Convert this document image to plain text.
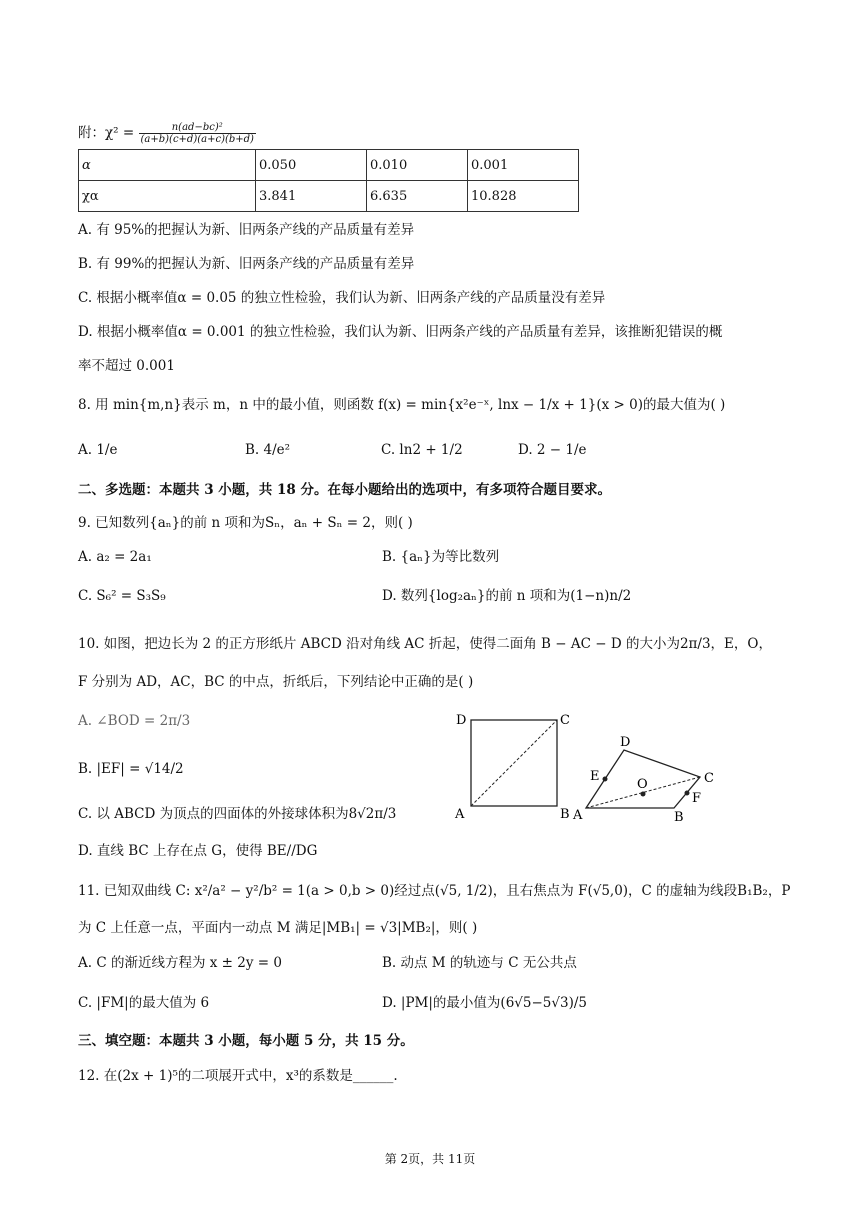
附：$\chi^2 = \frac{\text{n(ad−bc)²}}{(a+b)(c+d)(a+c)(b+d)}$
α	0.050	0.010	0.001
χα	3.841	6.635	10.828
A. 有 95%的把握认为新、旧两条产线的产品质量有差异
B. 有 99%的把握认为新、旧两条产线的产品质量有差异
C. 根据小概率值α = 0.05 的独立性检验，我们认为新、旧两条产线的产品质量没有差异
D. 根据小概率值α = 0.001 的独立性检验，我们认为新、旧两条产线的产品质量有差异，该推断犯错误的概
率不超过 0.001
8. 用 min{m,n}表示 m，n 中的最小值，则函数 f(x) = min{x²e⁻ˣ, lnx − 1/x + 1}(x > 0)的最大值为( )
A. 1/e	B. 4/e²	C. ln2 + 1/2	D. 2 − 1/e
二、多选题：本题共 3 小题，共 18 分。在每小题给出的选项中，有多项符合题目要求。
9. 已知数列{aₙ}的前 n 项和为Sₙ，aₙ + Sₙ = 2，则( )
A. a₂ = 2a₁	B. {aₙ}为等比数列
C. S₆² = S₃S₉	D. 数列{log₂aₙ}的前 n 项和为(1−n)n/2
10. 如图，把边长为 2 的正方形纸片 ABCD 沿对角线 AC 折起，使得二面角 B − AC − D 的大小为2π/3，E，O，
F 分别为 AD，AC，BC 的中点，折纸后，下列结论中正确的是( )
A. ∠BOD = 2π/3
B. |EF| = √14/2
C. 以 ABCD 为顶点的四面体的外接球体积为8√2π/3
D. 直线 BC 上存在点 G，使得 BE//DG
D	C
A	B
D
E
O	C
F
A	B
11. 已知双曲线 C: x²/a² − y²/b² = 1(a > 0,b > 0)经过点(√5, 1/2)，且右焦点为 F(√5,0)，C 的虚轴为线段B₁B₂，P
为 C 上任意一点，平面内一动点 M 满足|MB₁| = √3|MB₂|，则( )
A. C 的渐近线方程为 x ± 2y = 0	B. 动点 M 的轨迹与 C 无公共点
C. |FM|的最大值为 6	D. |PM|的最小值为(6√5−5√3)/5
三、填空题：本题共 3 小题，每小题 5 分，共 15 分。
12. 在(2x + 1)⁵的二项展开式中，x³的系数是______.
第 2页，共 11页
